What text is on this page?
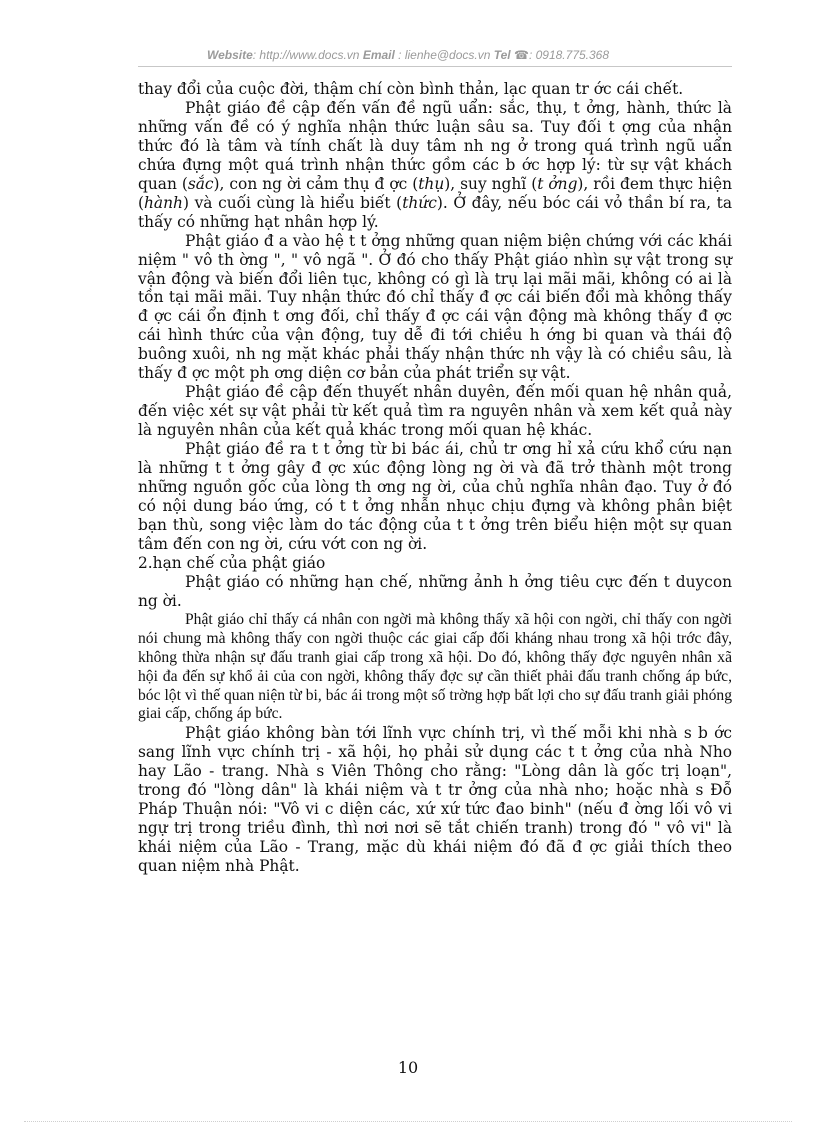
Website: http://www.docs.vn Email : lienhe@docs.vn Tel ☎: 0918.775.368

thay đổi của cuộc đời, thậm chí còn bình thản, lạc quan tr ớc cái chết.

Phật giáo đề cập đến vấn đề ngũ uẩn: sắc, thụ, t ởng, hành, thức là những vấn đề có ý nghĩa nhận thức luận sâu sa. Tuy đối t ợng của nhận thức đó là tâm và tính chất là duy tâm nh ng ở trong quá trình ngũ uẩn chứa đựng một quá trình nhận thức gồm các b ớc hợp lý: từ sự vật khách quan (sắc), con ng ời cảm thụ đ ợc (thụ), suy nghĩ (t ởng), rồi đem thực hiện (hành) và cuối cùng là hiểu biết (thức). Ở đây, nếu bóc cái vỏ thần bí ra, ta thấy có những hạt nhân hợp lý.

Phật giáo đ a vào hệ t t ởng những quan niệm biện chứng với các khái niệm " vô th ờng ", " vô ngã ". Ở đó cho thấy Phật giáo nhìn sự vật trong sự vận động và biến đổi liên tục, không có gì là trụ lại mãi mãi, không có ai là tồn tại mãi mãi. Tuy nhận thức đó chỉ thấy đ ợc cái biến đổi mà không thấy đ ợc cái ổn định t ơng đối, chỉ thấy đ ợc cái vận động mà không thấy đ ợc cái hình thức của vận động, tuy dễ đi tới chiều h ớng bi quan và thái độ buông xuôi, nh ng mặt khác phải thấy nhận thức nh vậy là có chiều sâu, là thấy đ ợc một ph ơng diện cơ bản của phát triển sự vật.

Phật giáo đề cập đến thuyết nhân duyên, đến mối quan hệ nhân quả, đến việc xét sự vật phải từ kết quả tìm ra nguyên nhân và xem kết quả này là nguyên nhân của kết quả khác trong mối quan hệ khác.

Phật giáo đề ra t t ởng từ bi bác ái, chủ tr ơng hỉ xả cứu khổ cứu nạn là những t t ởng gây đ ợc xúc động lòng ng ời và đã trở thành một trong những nguồn gốc của lòng th ơng ng ời, của chủ nghĩa nhân đạo. Tuy ở đó có nội dung báo ứng, có t t ởng nhẫn nhục chịu đựng và không phân biệt bạn thù, song việc làm do tác động của t t ởng trên biểu hiện một sự quan tâm đến con ng ời, cứu vớt con ng ời.

2.hạn chế của phật giáo

Phật giáo có những hạn chế, những ảnh h ởng tiêu cực đến t duycon ng ời.

Phật giáo chỉ thấy cá nhân con ngời mà không thấy xã hội con ngời, chỉ thấy con ngời nói chung mà không thấy con ngời thuộc các giai cấp đối kháng nhau trong xã hội trớc đây, không thừa nhận sự đấu tranh giai cấp trong xã hội. Do đó, không thấy đợc nguyên nhân xã hội đa đến sự khổ ải của con ngời, không thấy đợc sự cần thiết phải đấu tranh chống áp bức, bóc lột vì thế quan niện từ bi, bác ái trong một số trờng hợp bất lợi cho sự đấu tranh giải phóng giai cấp, chống áp bức.

Phật giáo không bàn tới lĩnh vực chính trị, vì thế mỗi khi nhà s b ớc sang lĩnh vực chính trị - xã hội, họ phải sử dụng các t t ởng của nhà Nho hay Lão - trang. Nhà s Viên Thông cho rằng: "Lòng dân là gốc trị loạn", trong đó "lòng dân" là khái niệm và t tr ởng của nhà nho; hoặc nhà s Đỗ Pháp Thuận nói: "Vô vi c diện các, xứ xứ tức đao binh" (nếu đ ờng lối vô vi ngự trị trong triều đình, thì nơi nơi sẽ tắt chiến tranh) trong đó " vô vi" là khái niệm của Lão - Trang, mặc dù khái niệm đó đã đ ợc giải thích theo quan niệm nhà Phật.

10
